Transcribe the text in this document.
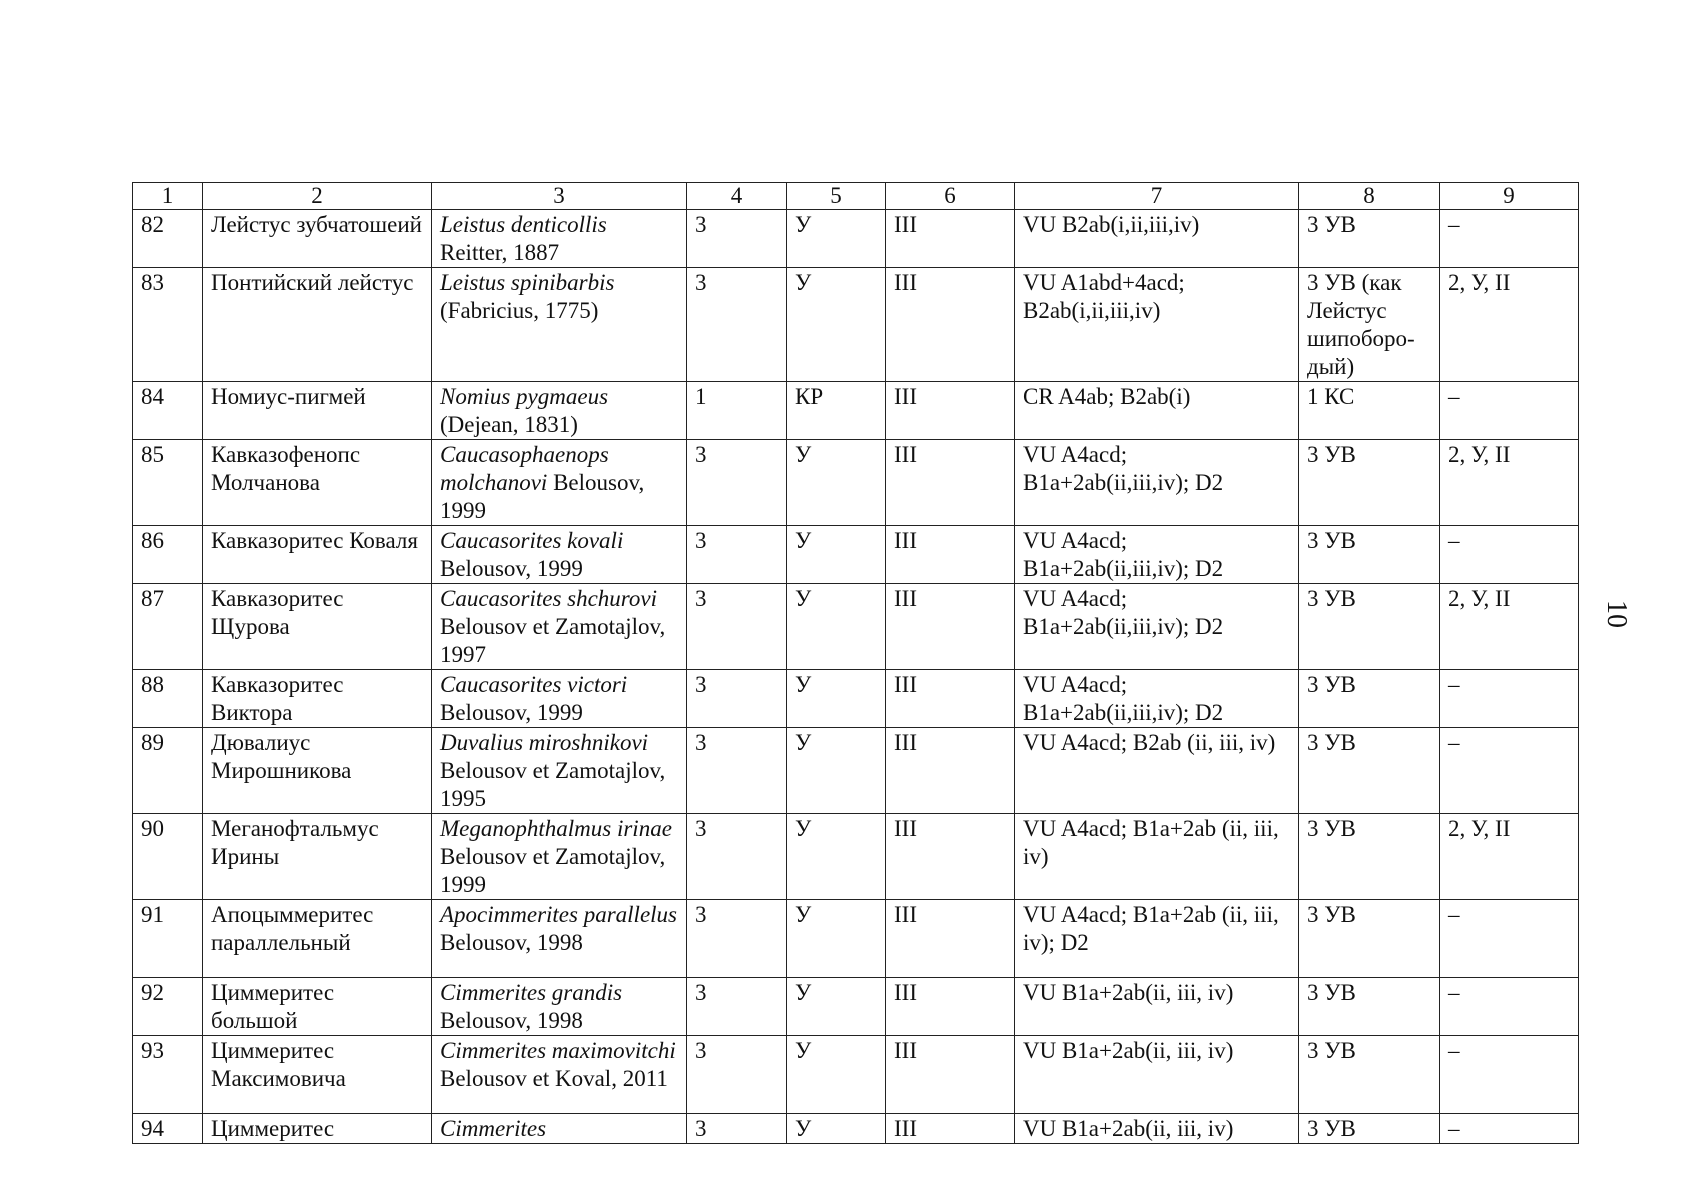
1	2	3	4	5	6	7	8	9
82	Лейстус зубчатошеий	Leistus denticollis Reitter, 1887	3	У	III	VU B2ab(i,ii,iii,iv)	3 УВ	–
83	Понтийский лейстус	Leistus spinibarbis (Fabricius, 1775)	3	У	III	VU A1abd+4acd; B2ab(i,ii,iii,iv)	3 УВ (как Лейстус шипоборо-дый)	2, У, II
84	Номиус-пигмей	Nomius pygmaeus (Dejean, 1831)	1	КР	III	CR A4ab; B2ab(i)	1 КС	–
85	Кавказофенопс Молчанова	Caucasophaenops molchanovi Belousov, 1999	3	У	III	VU A4acd; B1a+2ab(ii,iii,iv); D2	3 УВ	2, У, II
86	Кавказоритес Коваля	Caucasorites kovali Belousov, 1999	3	У	III	VU A4acd; B1a+2ab(ii,iii,iv); D2	3 УВ	–
87	Кавказоритес Щурова	Caucasorites shchurovi Belousov et Zamotajlov, 1997	3	У	III	VU A4acd; B1a+2ab(ii,iii,iv); D2	3 УВ	2, У, II
88	Кавказоритес Виктора	Caucasorites victori Belousov, 1999	3	У	III	VU A4acd; B1a+2ab(ii,iii,iv); D2	3 УВ	–
89	Дювалиус Мирошникова	Duvalius miroshnikovi Belousov et Zamotajlov, 1995	3	У	III	VU A4acd; B2ab (ii, iii, iv)	3 УВ	–
90	Меганофтальмус Ирины	Meganophthalmus irinae Belousov et Zamotajlov, 1999	3	У	III	VU A4acd; B1a+2ab (ii, iii, iv)	3 УВ	2, У, II
91	Апоцыммеритес параллельный	Apocimmerites parallelus Belousov, 1998	3	У	III	VU A4acd; B1a+2ab (ii, iii, iv); D2	3 УВ	–
92	Циммеритес большой	Cimmerites grandis Belousov, 1998	3	У	III	VU B1a+2ab(ii, iii, iv)	3 УВ	–
93	Циммеритес Максимовича	Cimmerites maximovitchi Belousov et Koval, 2011	3	У	III	VU B1a+2ab(ii, iii, iv)	3 УВ	–
94	Циммеритес	Cimmerites	3	У	III	VU B1a+2ab(ii, iii, iv)	3 УВ	–
10
